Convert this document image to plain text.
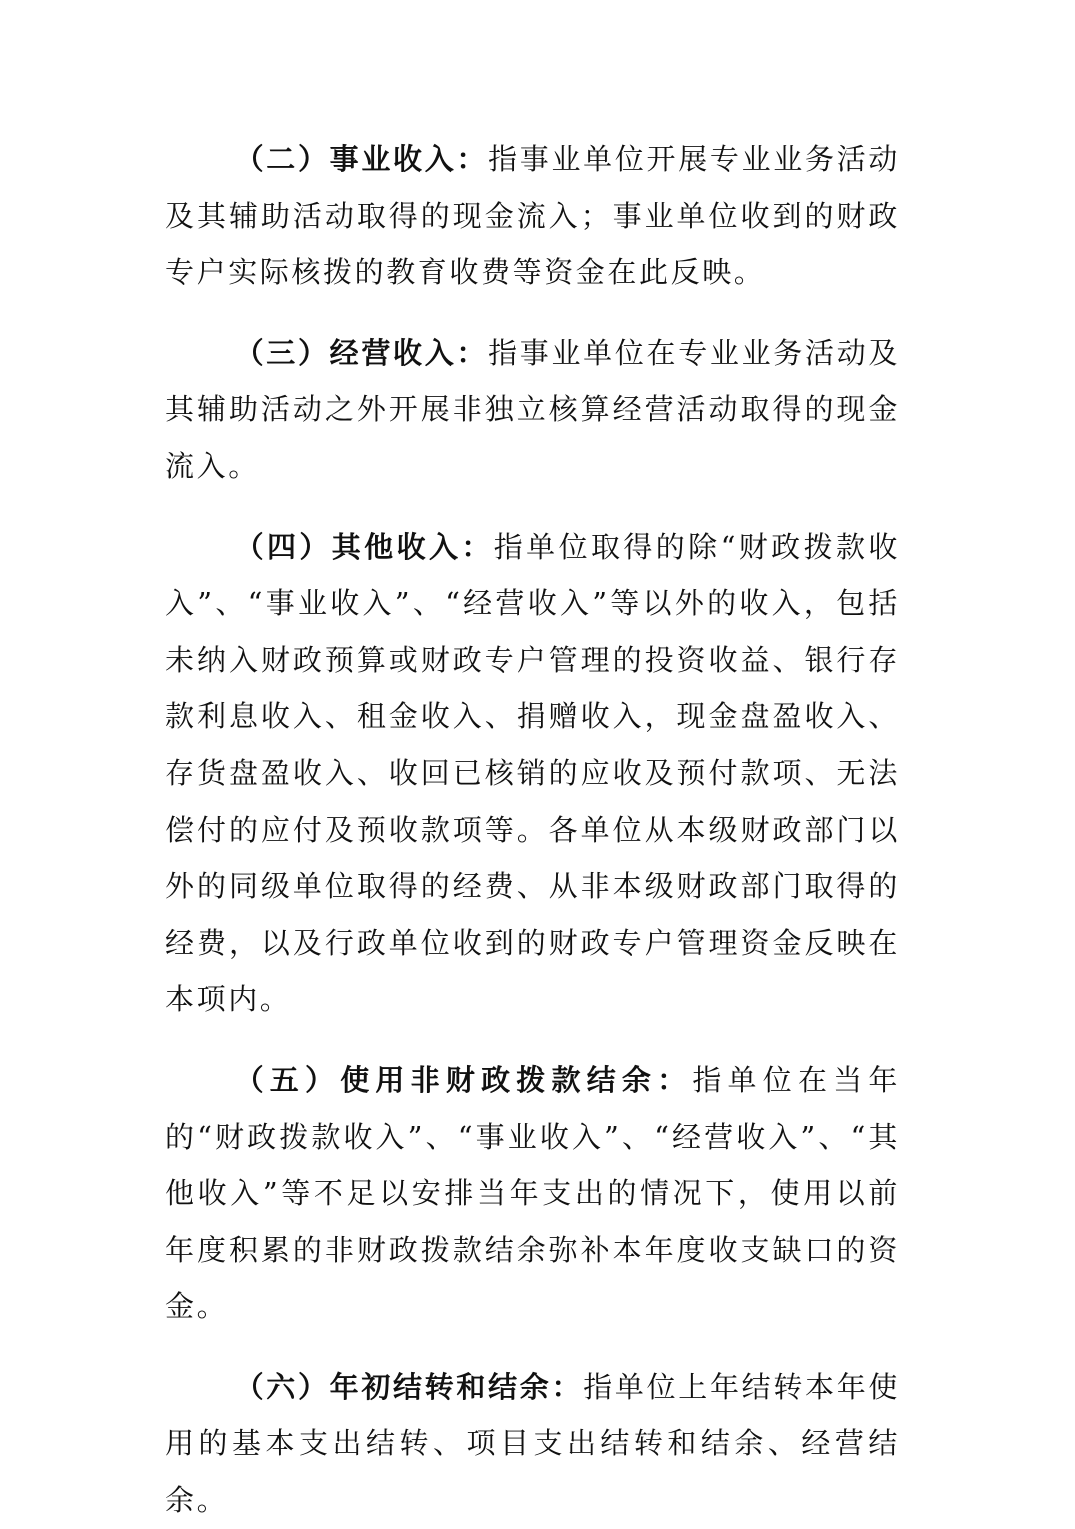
（二）事业收入：指事业单位开展专业业务活动及其辅助活动取得的现金流入；事业单位收到的财政专户实际核拨的教育收费等资金在此反映。

（三）经营收入：指事业单位在专业业务活动及其辅助活动之外开展非独立核算经营活动取得的现金流入。

（四）其他收入：指单位取得的除“财政拨款收入”、“事业收入”、“经营收入”等以外的收入，包括未纳入财政预算或财政专户管理的投资收益、银行存款利息收入、租金收入、捐赠收入，现金盘盈收入、存货盘盈收入、收回已核销的应收及预付款项、无法偿付的应付及预收款项等。各单位从本级财政部门以外的同级单位取得的经费、从非本级财政部门取得的经费，以及行政单位收到的财政专户管理资金反映在本项内。

（五）使用非财政拨款结余：指单位在当年的“财政拨款收入”、“事业收入”、“经营收入”、“其他收入”等不足以安排当年支出的情况下，使用以前年度积累的非财政拨款结余弥补本年度收支缺口的资金。

（六）年初结转和结余：指单位上年结转本年使用的基本支出结转、项目支出结转和结余、经营结余。
